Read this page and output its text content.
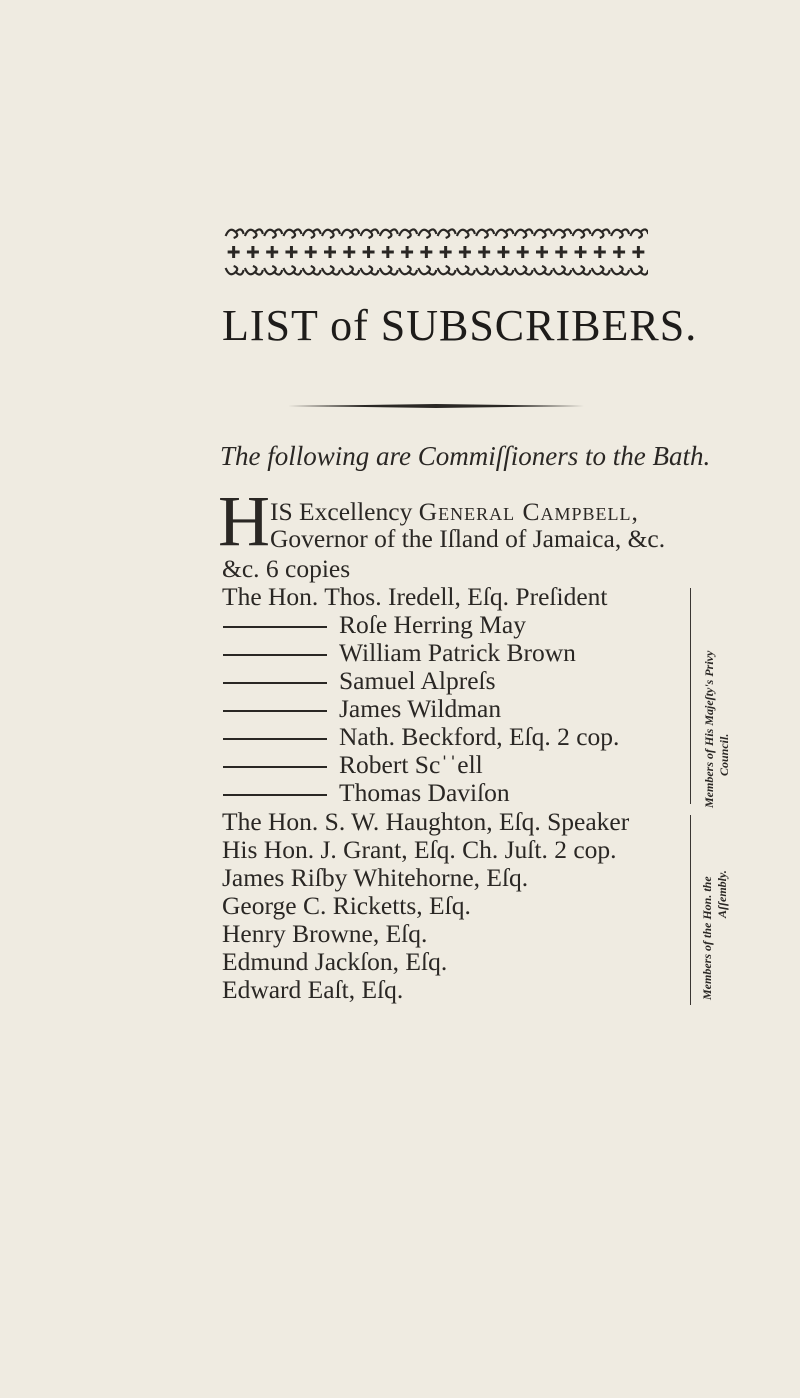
LIST of SUBSCRIBERS.
The following are Commiſſioners to the Bath.
H IS Excellency General Campbell,
Governor of the Iſland of Jamaica, &c.
&c. 6 copies
The Hon. Thos. Iredell, Eſq. Preſident
Roſe Herring May
William Patrick Brown
Samuel Alpreſs
James Wildman
Nath. Beckford, Eſq. 2 cop.
Robert Scˈˈell
Thomas Daviſon	Members of His Majeſty's Privy Council.
The Hon. S. W. Haughton, Eſq. Speaker
His Hon. J. Grant, Eſq. Ch. Juſt. 2 cop.
James Riſby Whitehorne, Eſq.
George C. Ricketts, Eſq.
Henry Browne, Eſq.
Edmund Jackſon, Eſq.
Edward Eaſt, Eſq.	Members of the Hon. the Aſſembly.
